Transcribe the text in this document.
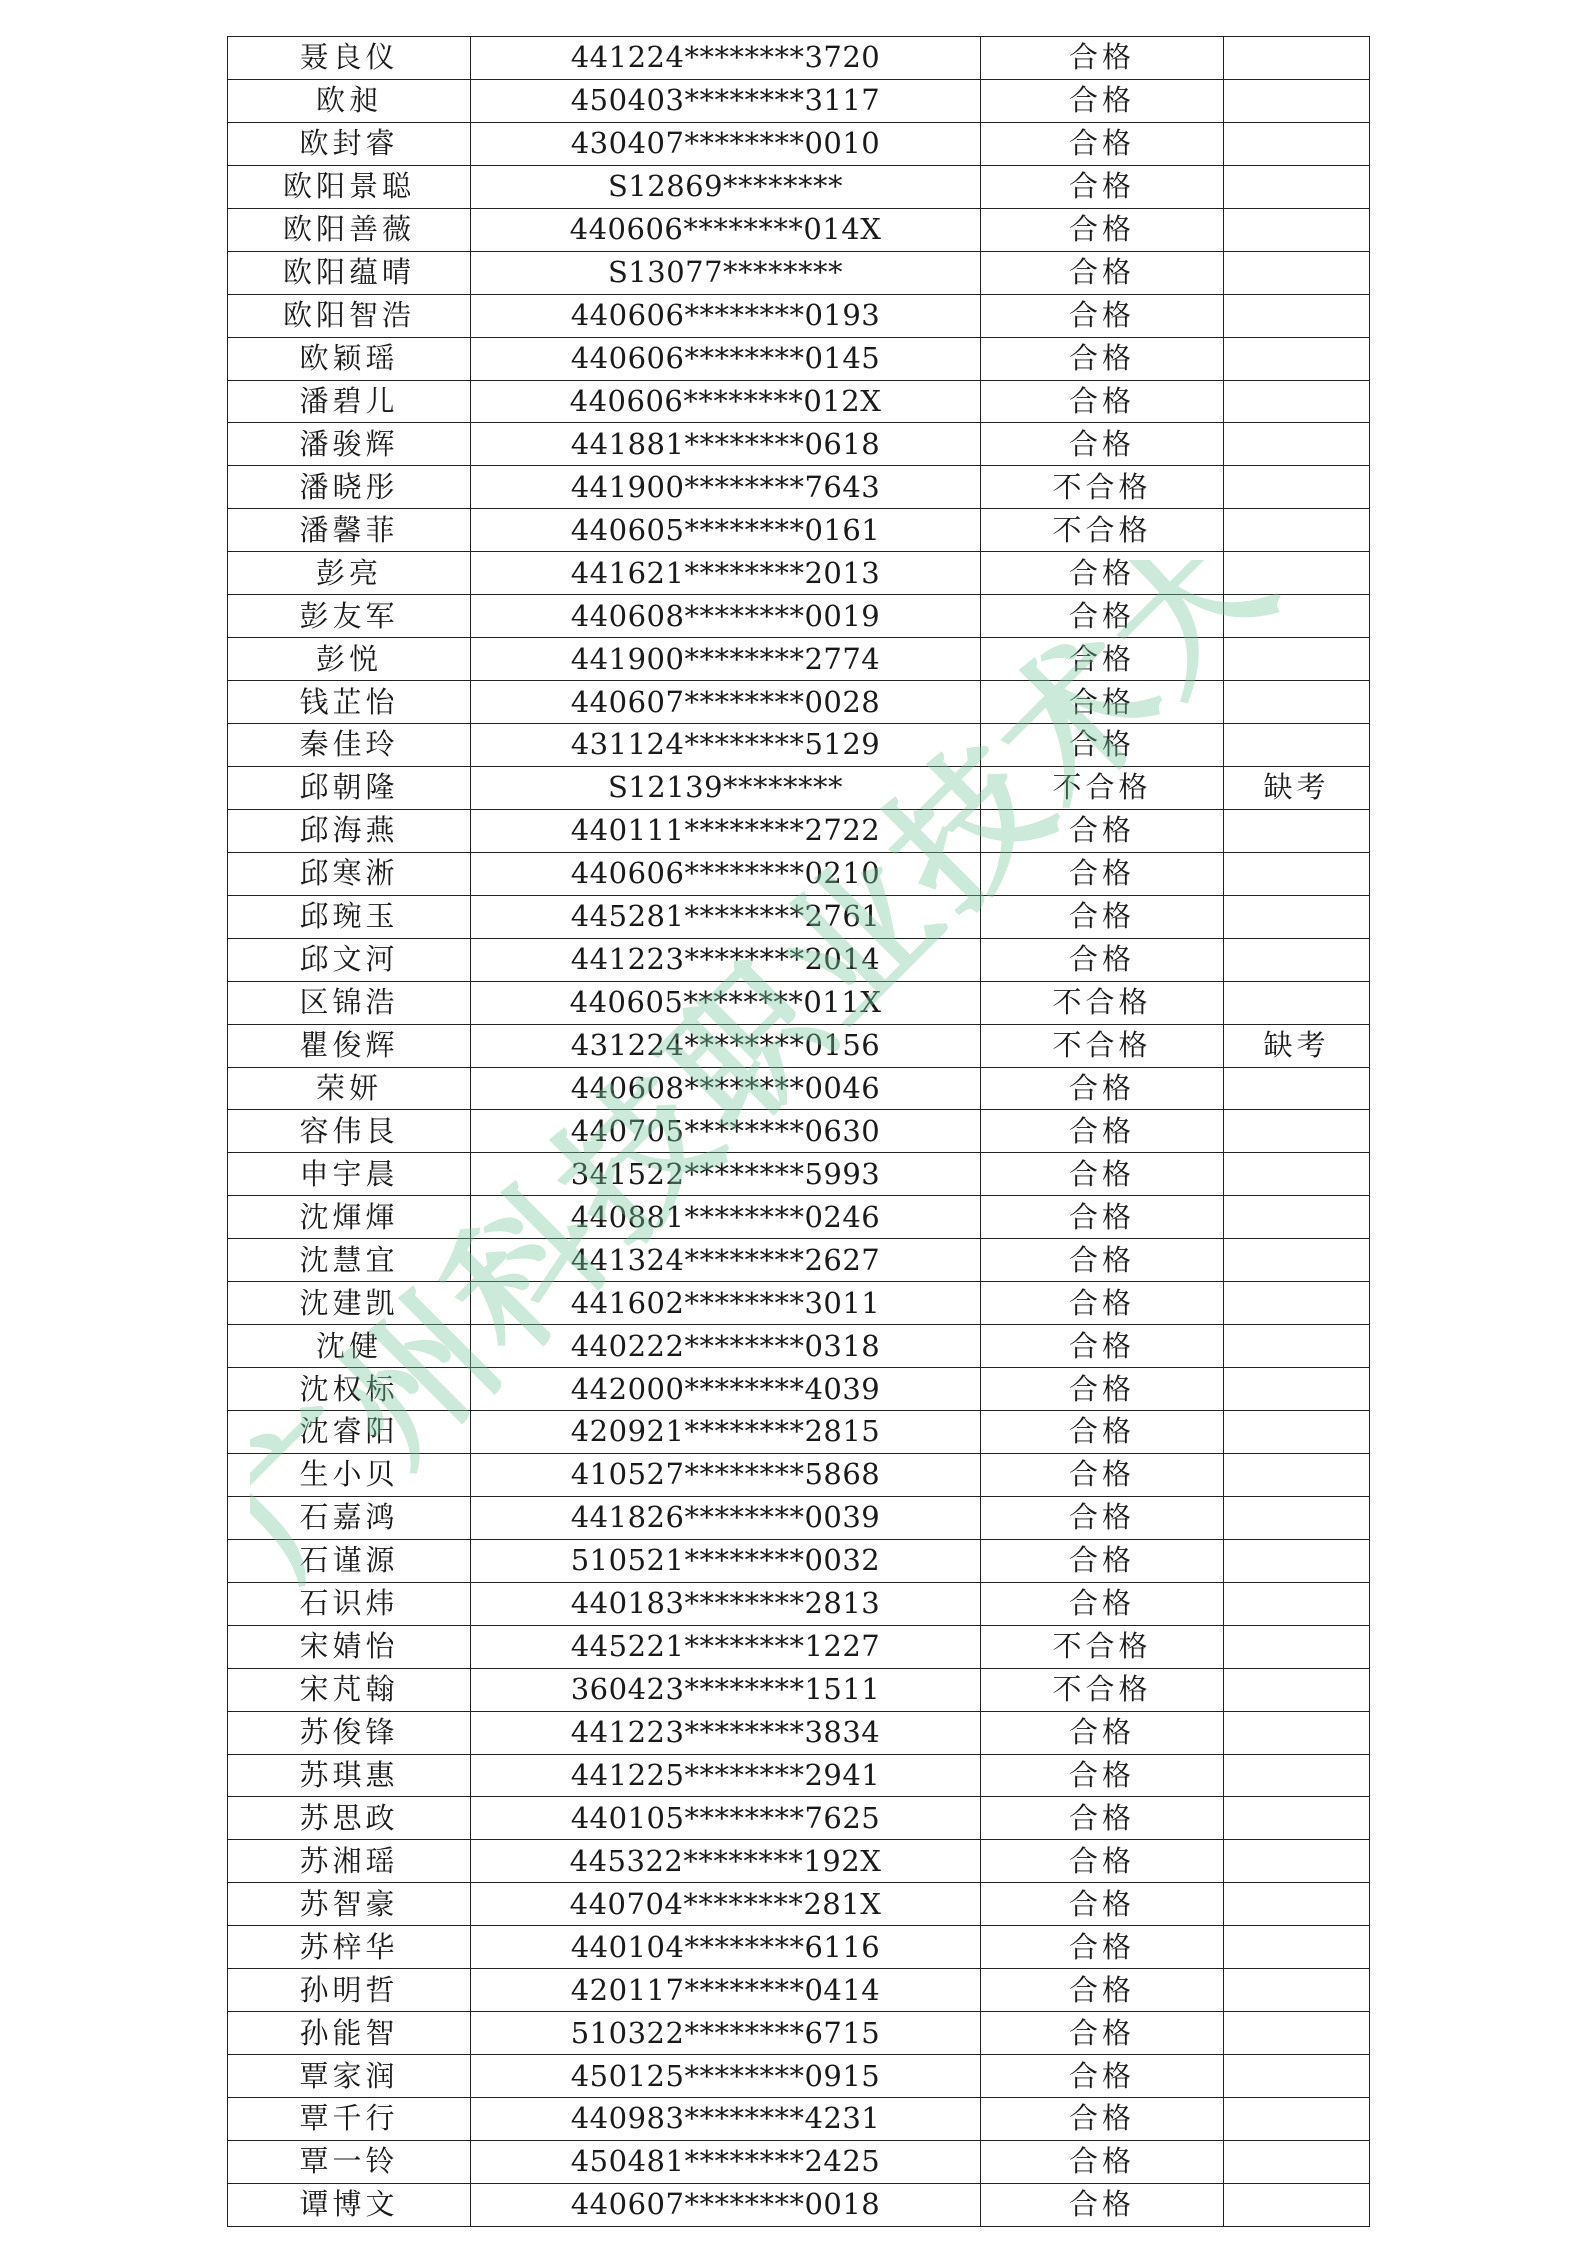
聂良仪	441224********3720	合格	
欧昶	450403********3117	合格	
欧封睿	430407********0010	合格	
欧阳景聪	S12869********	合格	
欧阳善薇	440606********014X	合格	
欧阳蕴晴	S13077********	合格	
欧阳智浩	440606********0193	合格	
欧颖瑶	440606********0145	合格	
潘碧儿	440606********012X	合格	
潘骏辉	441881********0618	合格	
潘晓彤	441900********7643	不合格	
潘馨菲	440605********0161	不合格	
彭亮	441621********2013	合格	
彭友军	440608********0019	合格	
彭悦	441900********2774	合格	
钱芷怡	440607********0028	合格	
秦佳玲	431124********5129	合格	
邱朝隆	S12139********	不合格	缺考
邱海燕	440111********2722	合格	
邱寒淅	440606********0210	合格	
邱琬玉	445281********2761	合格	
邱文河	441223********2014	合格	
区锦浩	440605********011X	不合格	
瞿俊辉	431224********0156	不合格	缺考
荣妍	440608********0046	合格	
容伟艮	440705********0630	合格	
申宇晨	341522********5993	合格	
沈煇煇	440881********0246	合格	
沈慧宜	441324********2627	合格	
沈建凯	441602********3011	合格	
沈健	440222********0318	合格	
沈权标	442000********4039	合格	
沈睿阳	420921********2815	合格	
生小贝	410527********5868	合格	
石嘉鸿	441826********0039	合格	
石谨源	510521********0032	合格	
石识炜	440183********2813	合格	
宋婧怡	445221********1227	不合格	
宋芃翰	360423********1511	不合格	
苏俊锋	441223********3834	合格	
苏琪惠	441225********2941	合格	
苏思政	440105********7625	合格	
苏湘瑶	445322********192X	合格	
苏智豪	440704********281X	合格	
苏梓华	440104********6116	合格	
孙明哲	420117********0414	合格	
孙能智	510322********6715	合格	
覃家润	450125********0915	合格	
覃千行	440983********4231	合格	
覃一铃	450481********2425	合格	
谭博文	440607********0018	合格	
广州科技职业技术大学
